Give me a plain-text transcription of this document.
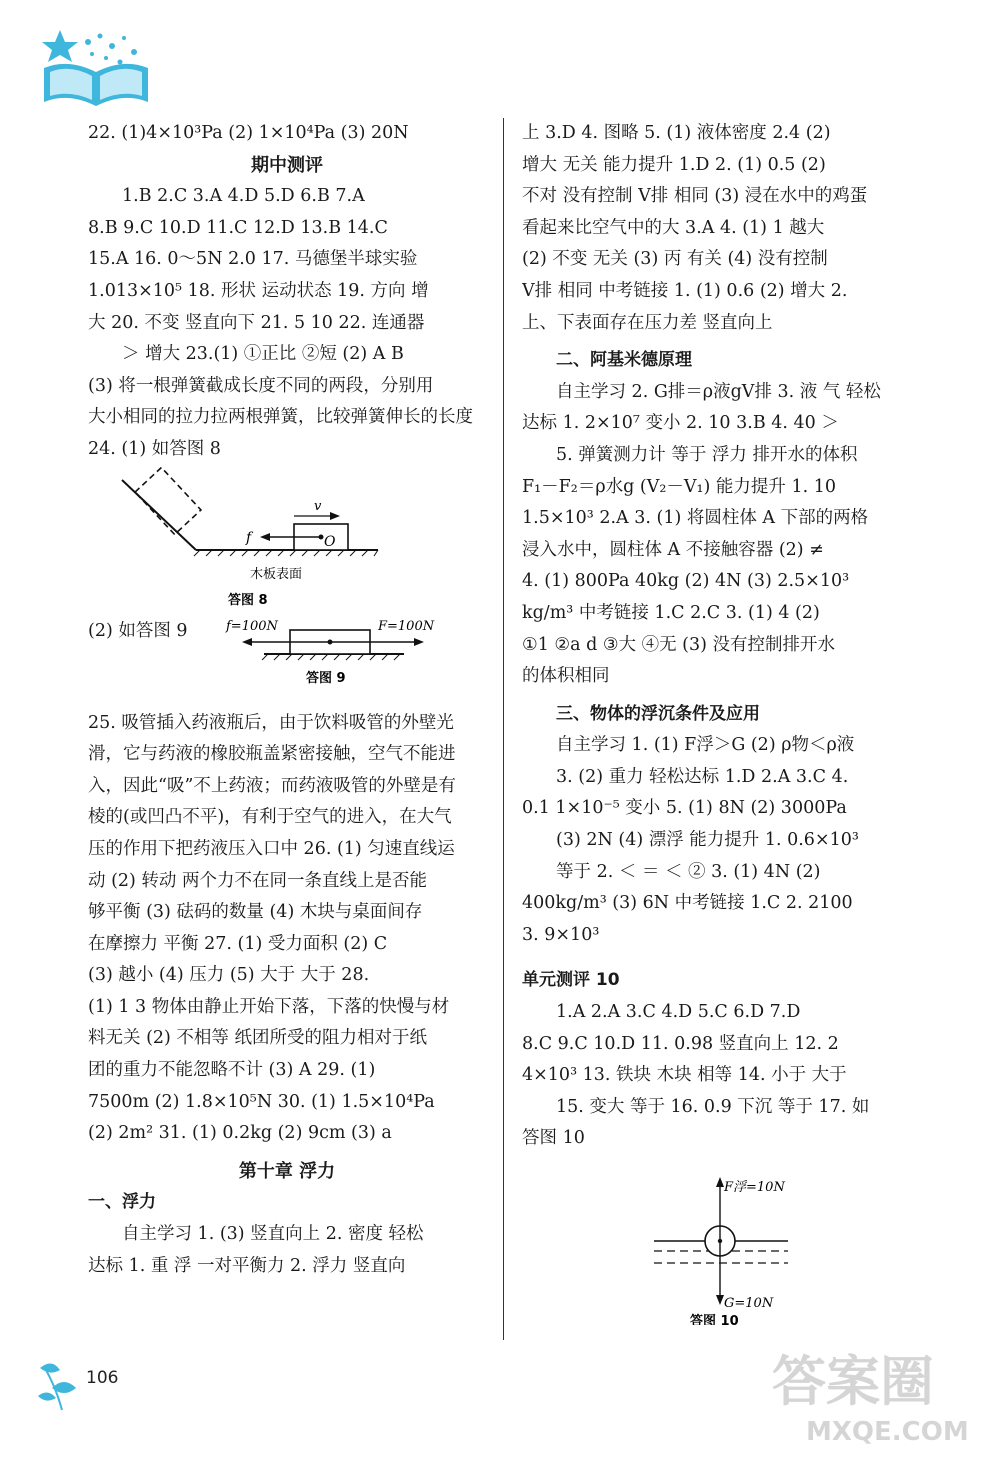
22. (1)4×10³Pa (2) 1×10⁴Pa (3) 20N
期中测评
1.B 2.C 3.A 4.D 5.D 6.B 7.A
8.B 9.C 10.D 11.C 12.D 13.B 14.C
15.A 16. 0～5N 2.0 17. 马德堡半球实验
1.013×10⁵ 18. 形状 运动状态 19. 方向 增
大 20. 不变 竖直向下 21. 5 10 22. 连通器
＞ 增大 23.(1) ①正比 ②短 (2) A B
(3) 将一根弹簧截成长度不同的两段，分别用
大小相同的拉力拉两根弹簧，比较弹簧伸长的长度
24. (1) 如答图 8
v
f	O
木板表面
答图 8
(2) 如答图 9	f=100N	F=100N
答图 9
25. 吸管插入药液瓶后，由于饮料吸管的外壁光
滑，它与药液的橡胶瓶盖紧密接触，空气不能进
入，因此“吸”不上药液；而药液吸管的外壁是有
棱的(或凹凸不平)，有利于空气的进入，在大气
压的作用下把药液压入口中 26. (1) 匀速直线运
动 (2) 转动 两个力不在同一条直线上是否能
够平衡 (3) 砝码的数量 (4) 木块与桌面间存
在摩擦力 平衡 27. (1) 受力面积 (2) C
(3) 越小 (4) 压力 (5) 大于 大于 28.
(1) 1 3 物体由静止开始下落，下落的快慢与材
料无关 (2) 不相等 纸团所受的阻力相对于纸
团的重力不能忽略不计 (3) A 29. (1)
7500m (2) 1.8×10⁵N 30. (1) 1.5×10⁴Pa
(2) 2m² 31. (1) 0.2kg (2) 9cm (3) a
第十章 浮力
一、浮力
自主学习 1. (3) 竖直向上 2. 密度 轻松
达标 1. 重 浮 一对平衡力 2. 浮力 竖直向
上 3.D 4. 图略 5. (1) 液体密度 2.4 (2)
增大 无关 能力提升 1.D 2. (1) 0.5 (2)
不对 没有控制 V排 相同 (3) 浸在水中的鸡蛋
看起来比空气中的大 3.A 4. (1) 1 越大
(2) 不变 无关 (3) 丙 有关 (4) 没有控制
V排 相同 中考链接 1. (1) 0.6 (2) 增大 2.
上、下表面存在压力差 竖直向上
二、阿基米德原理
自主学习 2. G排＝ρ液gV排 3. 液 气 轻松
达标 1. 2×10⁷ 变小 2. 10 3.B 4. 40 ＞
5. 弹簧测力计 等于 浮力 排开水的体积
F₁－F₂＝ρ水g (V₂－V₁) 能力提升 1. 10
1.5×10³ 2.A 3. (1) 将圆柱体 A 下部的两格
浸入水中，圆柱体 A 不接触容器 (2) ≠
4. (1) 800Pa 40kg (2) 4N (3) 2.5×10³
kg/m³ 中考链接 1.C 2.C 3. (1) 4 (2)
①1 ②a d ③大 ④无 (3) 没有控制排开水
的体积相同
三、物体的浮沉条件及应用
自主学习 1. (1) F浮＞G (2) ρ物＜ρ液
3. (2) 重力 轻松达标 1.D 2.A 3.C 4.
0.1 1×10⁻⁵ 变小 5. (1) 8N (2) 3000Pa
(3) 2N (4) 漂浮 能力提升 1. 0.6×10³
等于 2. ＜ ＝ ＜ ② 3. (1) 4N (2)
400kg/m³ (3) 6N 中考链接 1.C 2. 2100
3. 9×10³
单元测评 10
1.A 2.A 3.C 4.D 5.C 6.D 7.D
8.C 9.C 10.D 11. 0.98 竖直向上 12. 2
4×10³ 13. 铁块 木块 相等 14. 小于 大于
15. 变大 等于 16. 0.9 下沉 等于 17. 如
答图 10
F浮=10N
G=10N
答图 10
106	答案圈
MXQE.COM
